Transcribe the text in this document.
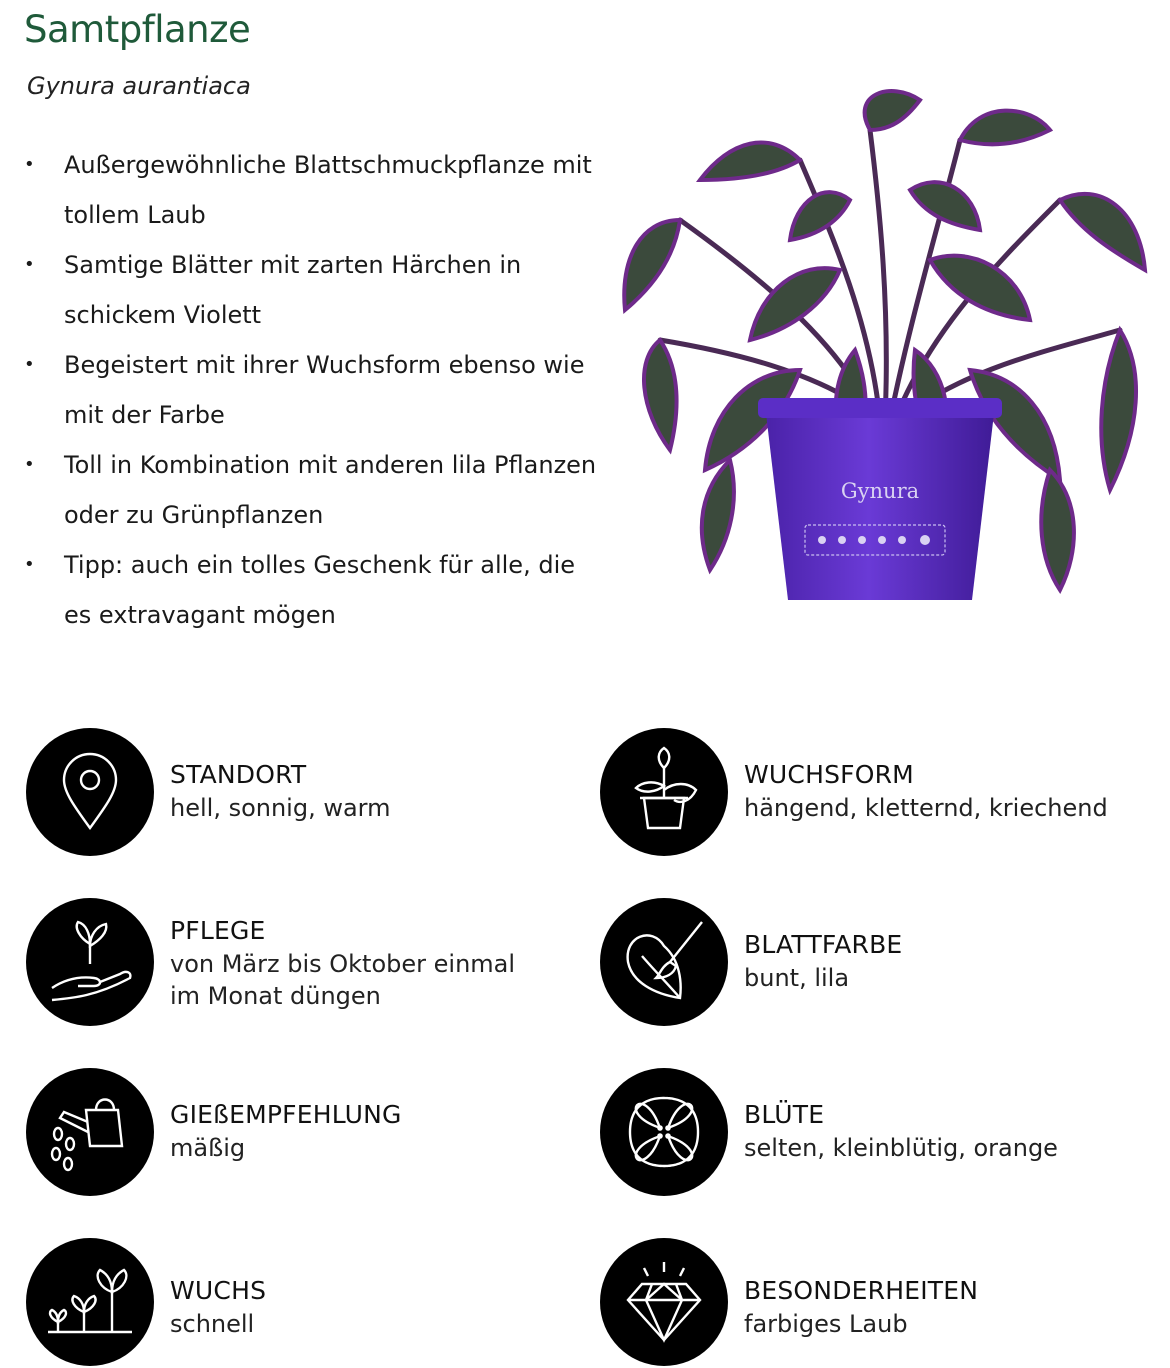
Samtpflanze
Gynura aurantiaca
• Außergewöhnliche Blattschmuckpflanze mit tollem Laub
• Samtige Blätter mit zarten Härchen in schickem Violett
• Begeistert mit ihrer Wuchsform ebenso wie mit der Farbe
• Toll in Kombination mit anderen lila Pflanzen oder zu Grünpflanzen
• Tipp: auch ein tolles Geschenk für alle, die es extravagant mögen
Gynura
STANDORT
hell, sonnig, warm
WUCHSFORM
hängend, kletternd, kriechend
PFLEGE
von März bis Oktober einmal im Monat düngen
BLATTFARBE
bunt, lila
GIEßEMPFEHLUNG
mäßig
BLÜTE
selten, kleinblütig, orange
WUCHS
schnell
BESONDERHEITEN
farbiges Laub
